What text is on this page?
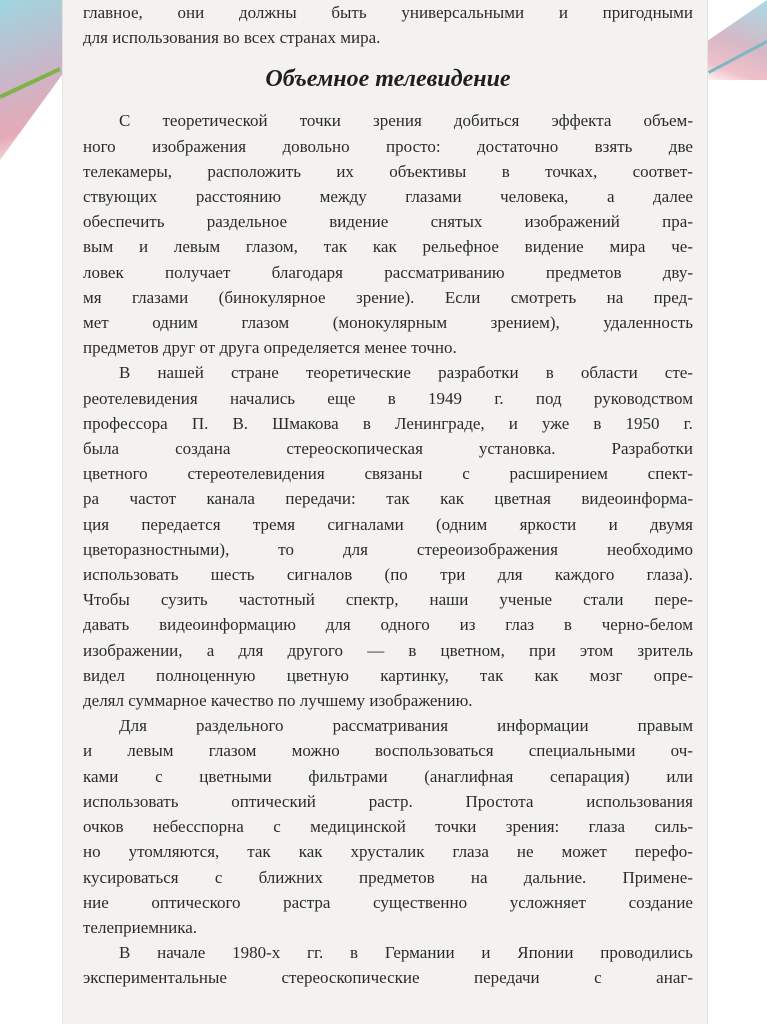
главное, они должны быть универсальными и пригодными
для использования во всех странах мира.
Объемное телевидение
С теоретической точки зрения добиться эффекта объем-
ного изображения довольно просто: достаточно взять две
телекамеры, расположить их объективы в точках, соответ-
ствующих расстоянию между глазами человека, а далее
обеспечить раздельное видение снятых изображений пра-
вым и левым глазом, так как рельефное видение мира че-
ловек получает благодаря рассматриванию предметов дву-
мя глазами (бинокулярное зрение). Если смотреть на пред-
мет	одним	глазом	(монокулярным	зрением),	удаленность
предметов друг от друга определяется менее точно.
В нашей стране теоретические разработки в области сте-
реотелевидения начались еще в 1949 г. под руководством
профессора П. В. Шмакова в Ленинграде, и уже в 1950 г.
была	создана	стереоскопическая	установка.	Разработки
цветного стереотелевидения связаны с расширением спект-
ра частот канала передачи: так как цветная видеоинформа-
ция передается тремя сигналами (одним яркости и двумя
цветоразностными),	то	для	стереоизображения	необходимо
использовать шесть сигналов (по три для каждого глаза).
Чтобы сузить частотный спектр, наши ученые стали пере-
давать видеоинформацию для одного из глаз в черно-белом
изображении, а для другого — в цветном, при этом зритель
видел полноценную цветную картинку, так как мозг опре-
делял суммарное качество по лучшему изображению.
Для	раздельного	рассматривания	информации	правым
и левым глазом можно воспользоваться специальными оч-
ками с цветными фильтрами (анаглифная сепарация) или
использовать	оптический	растр.	Простота	использования
очков небесспорна с медицинской точки зрения: глаза силь-
но утомляются, так как хрусталик глаза не может перефо-
кусироваться с ближних предметов на дальние. Примене-
ние	оптического	растра	существенно	усложняет	создание
телеприемника.
В начале 1980-х гг. в Германии и Японии проводились
экспериментальные	стереоскопические	передачи	с	анаг-
